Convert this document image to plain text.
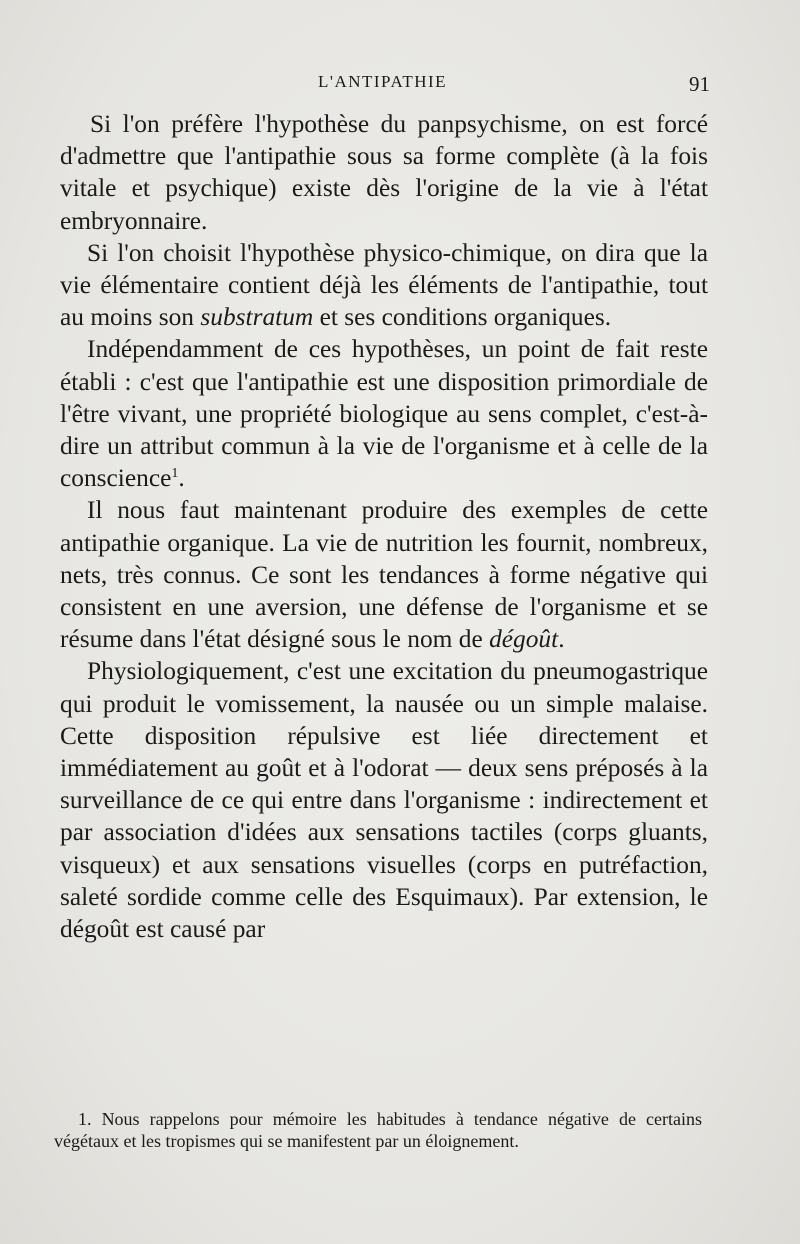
L'ANTIPATHIE	91

Si l'on préfère l'hypothèse du panpsychisme, on est forcé d'admettre que l'antipathie sous sa forme complète (à la fois vitale et psychique) existe dès l'origine de la vie à l'état embryonnaire.

Si l'on choisit l'hypothèse physico-chimique, on dira que la vie élémentaire contient déjà les éléments de l'antipathie, tout au moins son substratum et ses conditions organiques.

Indépendamment de ces hypothèses, un point de fait reste établi : c'est que l'antipathie est une disposition primordiale de l'être vivant, une propriété biologique au sens complet, c'est-à-dire un attribut commun à la vie de l'organisme et à celle de la conscience$^1$.

Il nous faut maintenant produire des exemples de cette antipathie organique. La vie de nutrition les fournit, nombreux, nets, très connus. Ce sont les tendances à forme négative qui consistent en une aversion, une défense de l'organisme et se résume dans l'état désigné sous le nom de dégoût.

Physiologiquement, c'est une excitation du pneumogastrique qui produit le vomissement, la nausée ou un simple malaise. Cette disposition répulsive est liée directement et immédiatement au goût et à l'odorat — deux sens préposés à la surveillance de ce qui entre dans l'organisme : indirectement et par association d'idées aux sensations tactiles (corps gluants, visqueux) et aux sensations visuelles (corps en putréfaction, saleté sordide comme celle des Esquimaux). Par extension, le dégoût est causé par

1. Nous rappelons pour mémoire les habitudes à tendance négative de certains végétaux et les tropismes qui se manifestent par un éloignement.
